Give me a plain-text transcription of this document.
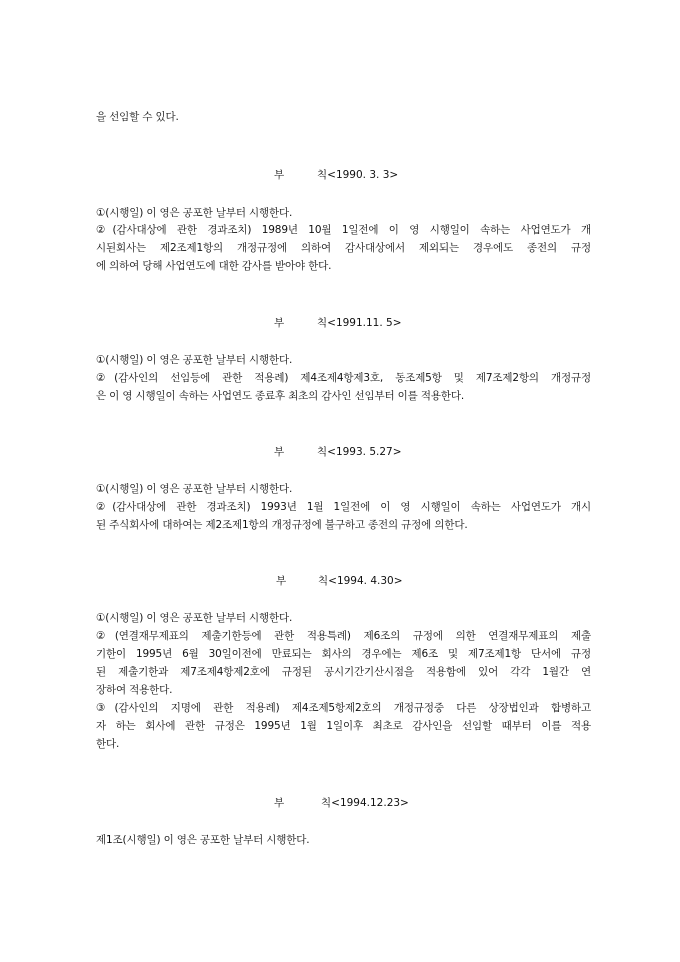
을 선임할 수 있다.
부	칙<1990. 3. 3>
①(시행일) 이 영은 공포한 날부터 시행한다.
②(감사대상에 관한 경과조치) 1989년 10월 1일전에 이 영 시행일이 속하는 사업연도가 개
시된회사는 제2조제1항의 개정규정에 의하여 감사대상에서 제외되는 경우에도 종전의 규정
에 의하여 당해 사업연도에 대한 감사를 받아야 한다.
부	칙<1991.11. 5>
①(시행일) 이 영은 공포한 날부터 시행한다.
②(감사인의 선임등에 관한 적용례) 제4조제4항제3호, 동조제5항 및 제7조제2항의 개정규정
은 이 영 시행일이 속하는 사업연도 종료후 최초의 감사인 선임부터 이를 적용한다.
부	칙<1993. 5.27>
①(시행일) 이 영은 공포한 날부터 시행한다.
②(감사대상에 관한 경과조치) 1993년 1월 1일전에 이 영 시행일이 속하는 사업연도가 개시
된 주식회사에 대하여는 제2조제1항의 개정규정에 불구하고 종전의 규정에 의한다.
부	칙<1994. 4.30>
①(시행일) 이 영은 공포한 날부터 시행한다.
②(연결재무제표의 제출기한등에 관한 적용특례) 제6조의 규정에 의한 연결재무제표의 제출
기한이 1995년 6월 30일이전에 만료되는 회사의 경우에는 제6조 및 제7조제1항 단서에 규정
된 제출기한과 제7조제4항제2호에 규정된 공시기간기산시점을 적용함에 있어 각각 1월간 연
장하여 적용한다.
③(감사인의 지명에 관한 적용례) 제4조제5항제2호의 개정규정중 다른 상장법인과 합병하고
자 하는 회사에 관한 규정은 1995년 1월 1일이후 최초로 감사인을 선임할 때부터 이를 적용
한다.
부	칙<1994.12.23>
제1조(시행일) 이 영은 공포한 날부터 시행한다.
